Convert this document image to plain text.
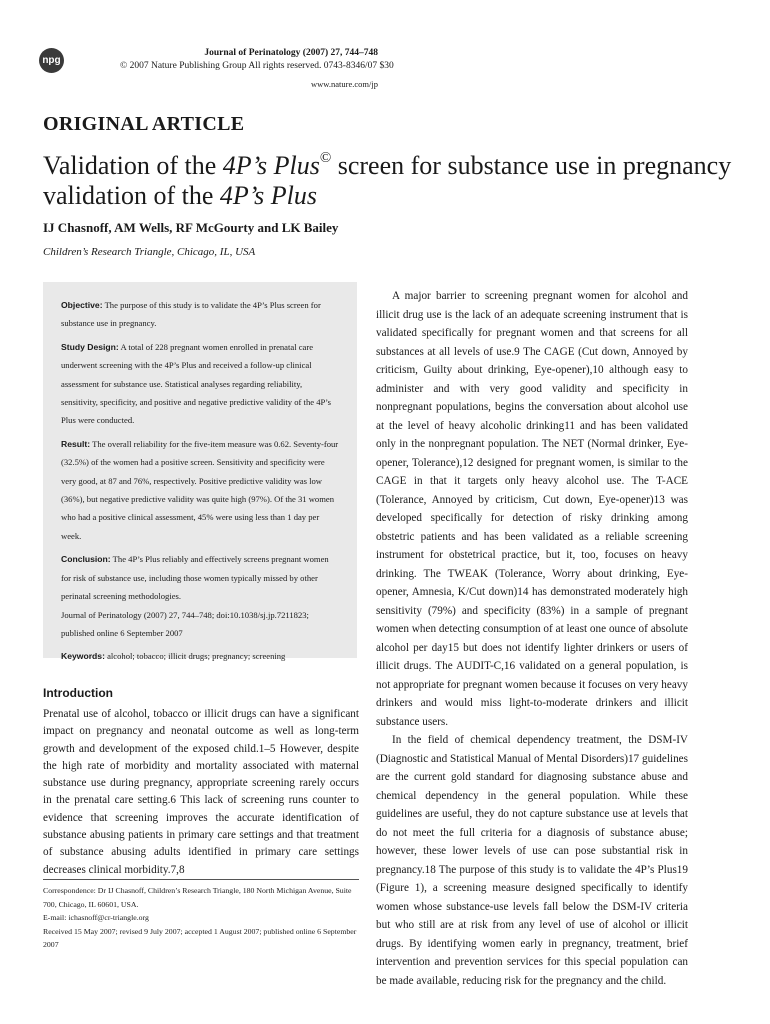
npg
Journal of Perinatology (2007) 27, 744–748
© 2007 Nature Publishing Group All rights reserved. 0743-8346/07 $30
www.nature.com/jp
ORIGINAL ARTICLE
Validation of the 4P’s Plus© screen for substance use in pregnancy validation of the 4P’s Plus
IJ Chasnoff, AM Wells, RF McGourty and LK Bailey
Children’s Research Triangle, Chicago, IL, USA

Objective: The purpose of this study is to validate the 4P’s Plus screen for substance use in pregnancy.

Study Design: A total of 228 pregnant women enrolled in prenatal care underwent screening with the 4P’s Plus and received a follow-up clinical assessment for substance use. Statistical analyses regarding reliability, sensitivity, specificity, and positive and negative predictive validity of the 4P’s Plus were conducted.

Result: The overall reliability for the five-item measure was 0.62. Seventy-four (32.5%) of the women had a positive screen. Sensitivity and specificity were very good, at 87 and 76%, respectively. Positive predictive validity was low (36%), but negative predictive validity was quite high (97%). Of the 31 women who had a positive clinical assessment, 45% were using less than 1 day per week.

Conclusion: The 4P’s Plus reliably and effectively screens pregnant women for risk of substance use, including those women typically missed by other perinatal screening methodologies.

Journal of Perinatology (2007) 27, 744–748; doi:10.1038/sj.jp.7211823; published online 6 September 2007

Keywords: alcohol; tobacco; illicit drugs; pregnancy; screening

Introduction
Prenatal use of alcohol, tobacco or illicit drugs can have a significant impact on pregnancy and neonatal outcome as well as long-term growth and development of the exposed child.1–5 However, despite the high rate of morbidity and mortality associated with maternal substance use during pregnancy, appropriate screening rarely occurs in the prenatal care setting.6 This lack of screening runs counter to evidence that screening improves the accurate identification of substance abusing patients in primary care settings and that treatment of substance abusing adults identified in primary care settings decreases clinical morbidity.7,8
Correspondence: Dr IJ Chasnoff, Children’s Research Triangle, 180 North Michigan Avenue, Suite 700, Chicago, IL 60601, USA.
E-mail: ichasnoff@cr-triangle.org
Received 15 May 2007; revised 9 July 2007; accepted 1 August 2007; published online 6 September 2007

A major barrier to screening pregnant women for alcohol and illicit drug use is the lack of an adequate screening instrument that is validated specifically for pregnant women and that screens for all substances at all levels of use.9 The CAGE (Cut down, Annoyed by criticism, Guilty about drinking, Eye-opener),10 although easy to administer and with very good validity and specificity in nonpregnant populations, begins the conversation about alcohol use at the level of heavy alcoholic drinking11 and has been validated only in the nonpregnant population. The NET (Normal drinker, Eye-opener, Tolerance),12 designed for pregnant women, is similar to the CAGE in that it targets only heavy alcohol use. The T-ACE (Tolerance, Annoyed by criticism, Cut down, Eye-opener)13 was developed specifically for detection of risky drinking among obstetric patients and has been validated as a reliable screening instrument for obstetrical practice, but it, too, focuses on heavy drinking. The TWEAK (Tolerance, Worry about drinking, Eye-opener, Amnesia, K/Cut down)14 has demonstrated moderately high sensitivity (79%) and specificity (83%) in a sample of pregnant women when detecting consumption of at least one ounce of absolute alcohol per day15 but does not identify lighter drinkers or users of illicit drugs. The AUDIT-C,16 validated on a general population, is not appropriate for pregnant women because it focuses on very heavy drinkers and would miss light-to-moderate drinkers and illicit substance users.

In the field of chemical dependency treatment, the DSM-IV (Diagnostic and Statistical Manual of Mental Disorders)17 guidelines are the current gold standard for diagnosing substance abuse and chemical dependency in the general population. While these guidelines are useful, they do not capture substance use at levels that do not meet the full criteria for a diagnosis of substance abuse; however, these lower levels of use can pose substantial risk in pregnancy.18 The purpose of this study is to validate the 4P’s Plus19 (Figure 1), a screening measure designed specifically to identify women whose substance-use levels fall below the DSM-IV criteria but who still are at risk from any level of use of alcohol or illicit drugs. By identifying women early in pregnancy, treatment, brief intervention and prevention services for this special population can be made available, reducing risk for the pregnancy and the child.
